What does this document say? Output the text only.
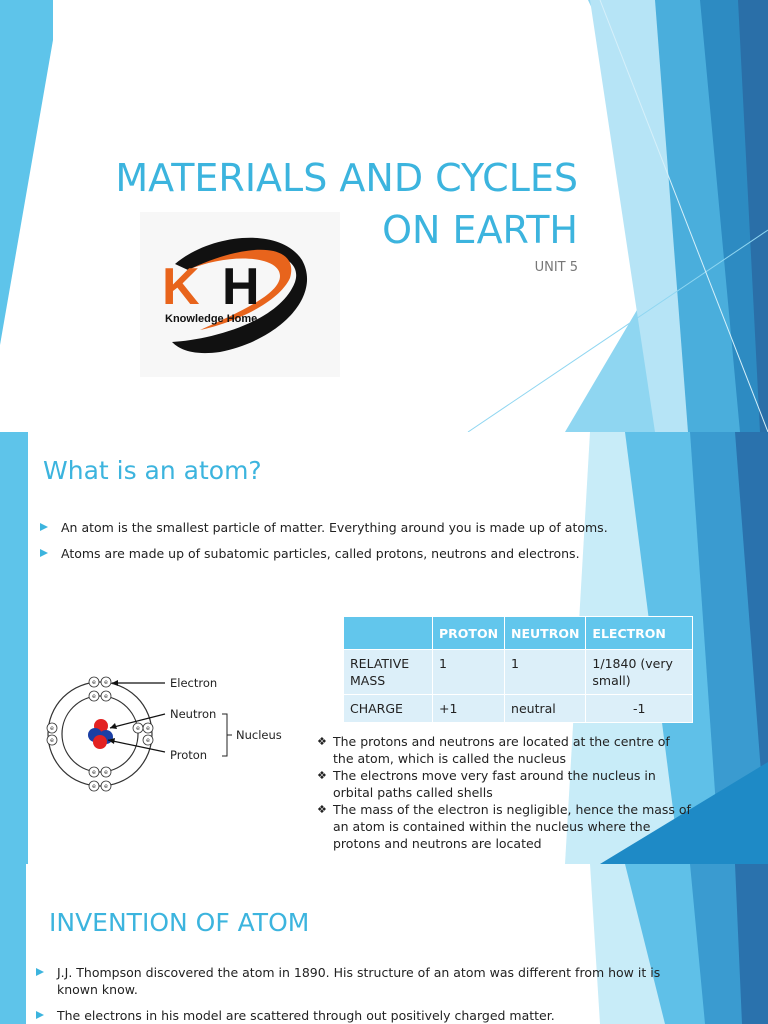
MATERIALS AND CYCLES ON EARTH
UNIT 5
K H
Knowledge Home
What is an atom?
An atom is the smallest particle of matter. Everything around you is made up of atoms.
Atoms are made up of subatomic particles, called protons, neutrons and electrons.
e e
e e
e e
e e
e
e
e
e
e
Electron
Neutron
Proton
Nucleus
	PROTON	NEUTRON	ELECTRON
RELATIVE MASS	1	1	1/1840 (very small)
CHARGE	+1	neutral	-1
❖ The protons and neutrons are located at the centre of the atom, which is called the nucleus
❖ The electrons move very fast around the nucleus in orbital paths called shells
❖ The mass of the electron is negligible, hence the mass of an atom is contained within the nucleus where the protons and neutrons are located
INVENTION OF ATOM
J.J. Thompson discovered the atom in 1890. His structure of an atom was different from how it is known know.
The electrons in his model are scattered through out positively charged matter.
